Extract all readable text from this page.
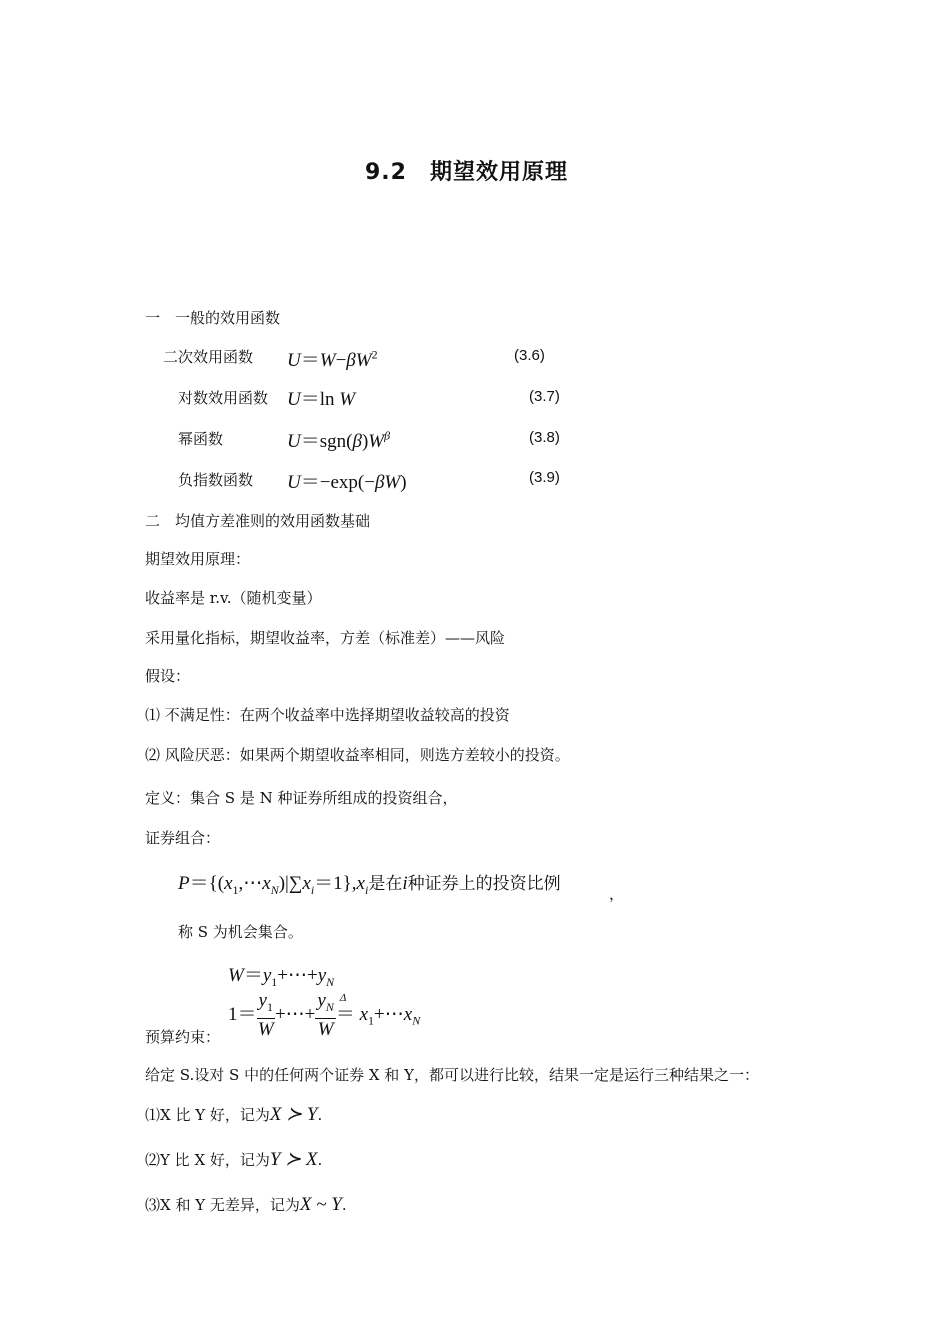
9.2　期望效用原理
一　一般的效用函数
二次效用函数 $U=W-\beta W^2$	(3.6)
对数效用函数 U＝ln W	(3.7)
幂函数	$U=sgn(\beta)W^\beta$	(3.8)
负指数函数 U＝−exp(−βW)	(3.9)
二　均值方差准则的效用函数基础
期望效用原理：
收益率是 r.v.（随机变量）
采用量化指标，期望收益率，方差（标准差）——风险
假设：
⑴ 不满足性：在两个收益率中选择期望收益较高的投资
⑵ 风险厌恶：如果两个期望收益率相同，则选方差较小的投资。
定义：集合 S 是 N 种证券所组成的投资组合，
证券组合：
$P=\{(x_1,\cdots x_N)|\sum x_i=1\},x_i$是在i种证券上的投资比例	，
称 S 为机会集合。
$W=y_1+\cdots+y_N$
预算约束：
$1= \frac{y_1}{W}$ +⋯+ $\frac{y_N}{W}$ Δ
＝ $x_1+\cdots x_N$
给定 S.设对 S 中的任何两个证券 X 和 Y，都可以进行比较，结果一定是运行三种结果之一：
⑴X 比 Y 好，记为X ≻ Y.
⑵Y 比 X 好，记为Y ≻ X.
⑶X 和 Y 无差异，记为X ~ Y.
